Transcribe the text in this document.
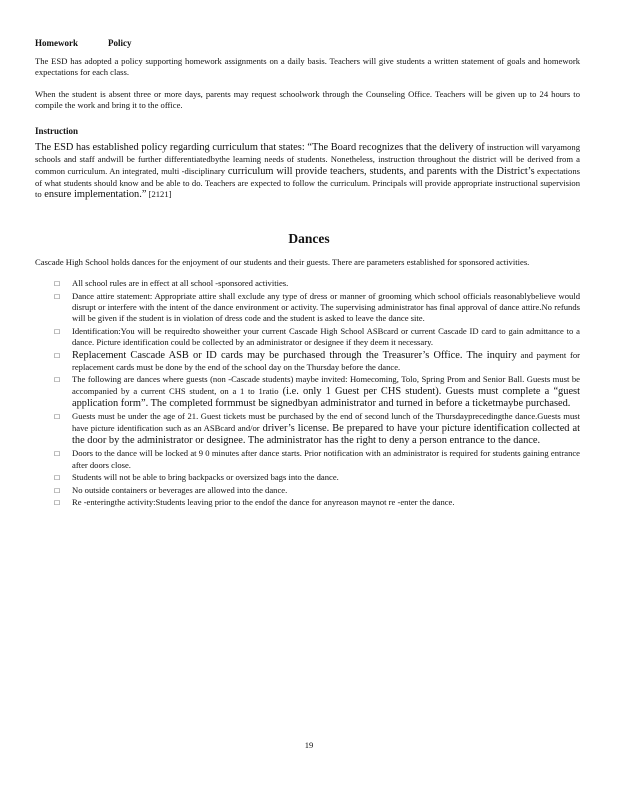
Homework	Policy

The ESD has adopted a policy supporting homework assignments on a daily basis. Teachers will give students a written statement of goals and homework expectations for each class.

When the student is absent three or more days, parents may request schoolwork through the Counseling Office. Teachers will be given up to 24 hours to compile the work and bring it to the office.

Instruction

The ESD has established policy regarding curriculum that states: “The Board recognizes that the delivery of instruction will varyamong schools and staff andwill be further differentiatedbythe learning needs of students. Nonetheless, instruction throughout the district will be derived from a common curriculum. An integrated, multi -disciplinary curriculum will provide teachers, students, and parents with the District’s expectations of what students should know and be able to do. Teachers are expected to follow the curriculum. Principals will provide appropriate instructional supervision to ensure implementation.” [2121]

Dances

Cascade High School holds dances for the enjoyment of our students and their guests. There are parameters established for sponsored activities.

□ All school rules are in effect at all school -sponsored activities.
□ Dance attire statement: Appropriate attire shall exclude any type of dress or manner of grooming which school officials reasonablybelieve would disrupt or interfere with the intent of the dance environment or activity. The supervising administrator has final approval of dance attire.No refunds will be given if the student is in violation of dress code and the student is asked to leave the dance site.
□ Identification:You will be requiredto showeither your current Cascade High School ASBcard or current Cascade ID card to gain admittance to a dance. Picture identification could be collected by an administrator or designee if they deem it necessary.
□ Replacement Cascade ASB or ID cards may be purchased through the Treasurer’s Office. The inquiry and payment for replacement cards must be done by the end of the school day on the Thursday before the dance.
□ The following are dances where guests (non -Cascade students) maybe invited: Homecoming, Tolo, Spring Prom and Senior Ball. Guests must be accompanied by a current CHS student, on a 1 to 1ratio (i.e. only 1 Guest per CHS student). Guests must complete a “guest application form”. The completed formmust be signedbyan administrator and turned in before a ticketmaybe purchased.
□ Guests must be under the age of 21. Guest tickets must be purchased by the end of second lunch of the Thursdayprecedingthe dance.Guests must have picture identification such as an ASBcard and/or driver’s license. Be prepared to have your picture identification collected at the door by the administrator or designee. The administrator has the right to deny a person entrance to the dance.
□ Doors to the dance will be locked at 9 0 minutes after dance starts. Prior notification with an administrator is required for students gaining entrance after doors close.
□ Students will not be able to bring backpacks or oversized bags into the dance.
□ No outside containers or beverages are allowed into the dance.
□ Re -enteringthe activity:Students leaving prior to the endof the dance for anyreason maynot re -enter the dance.
19
